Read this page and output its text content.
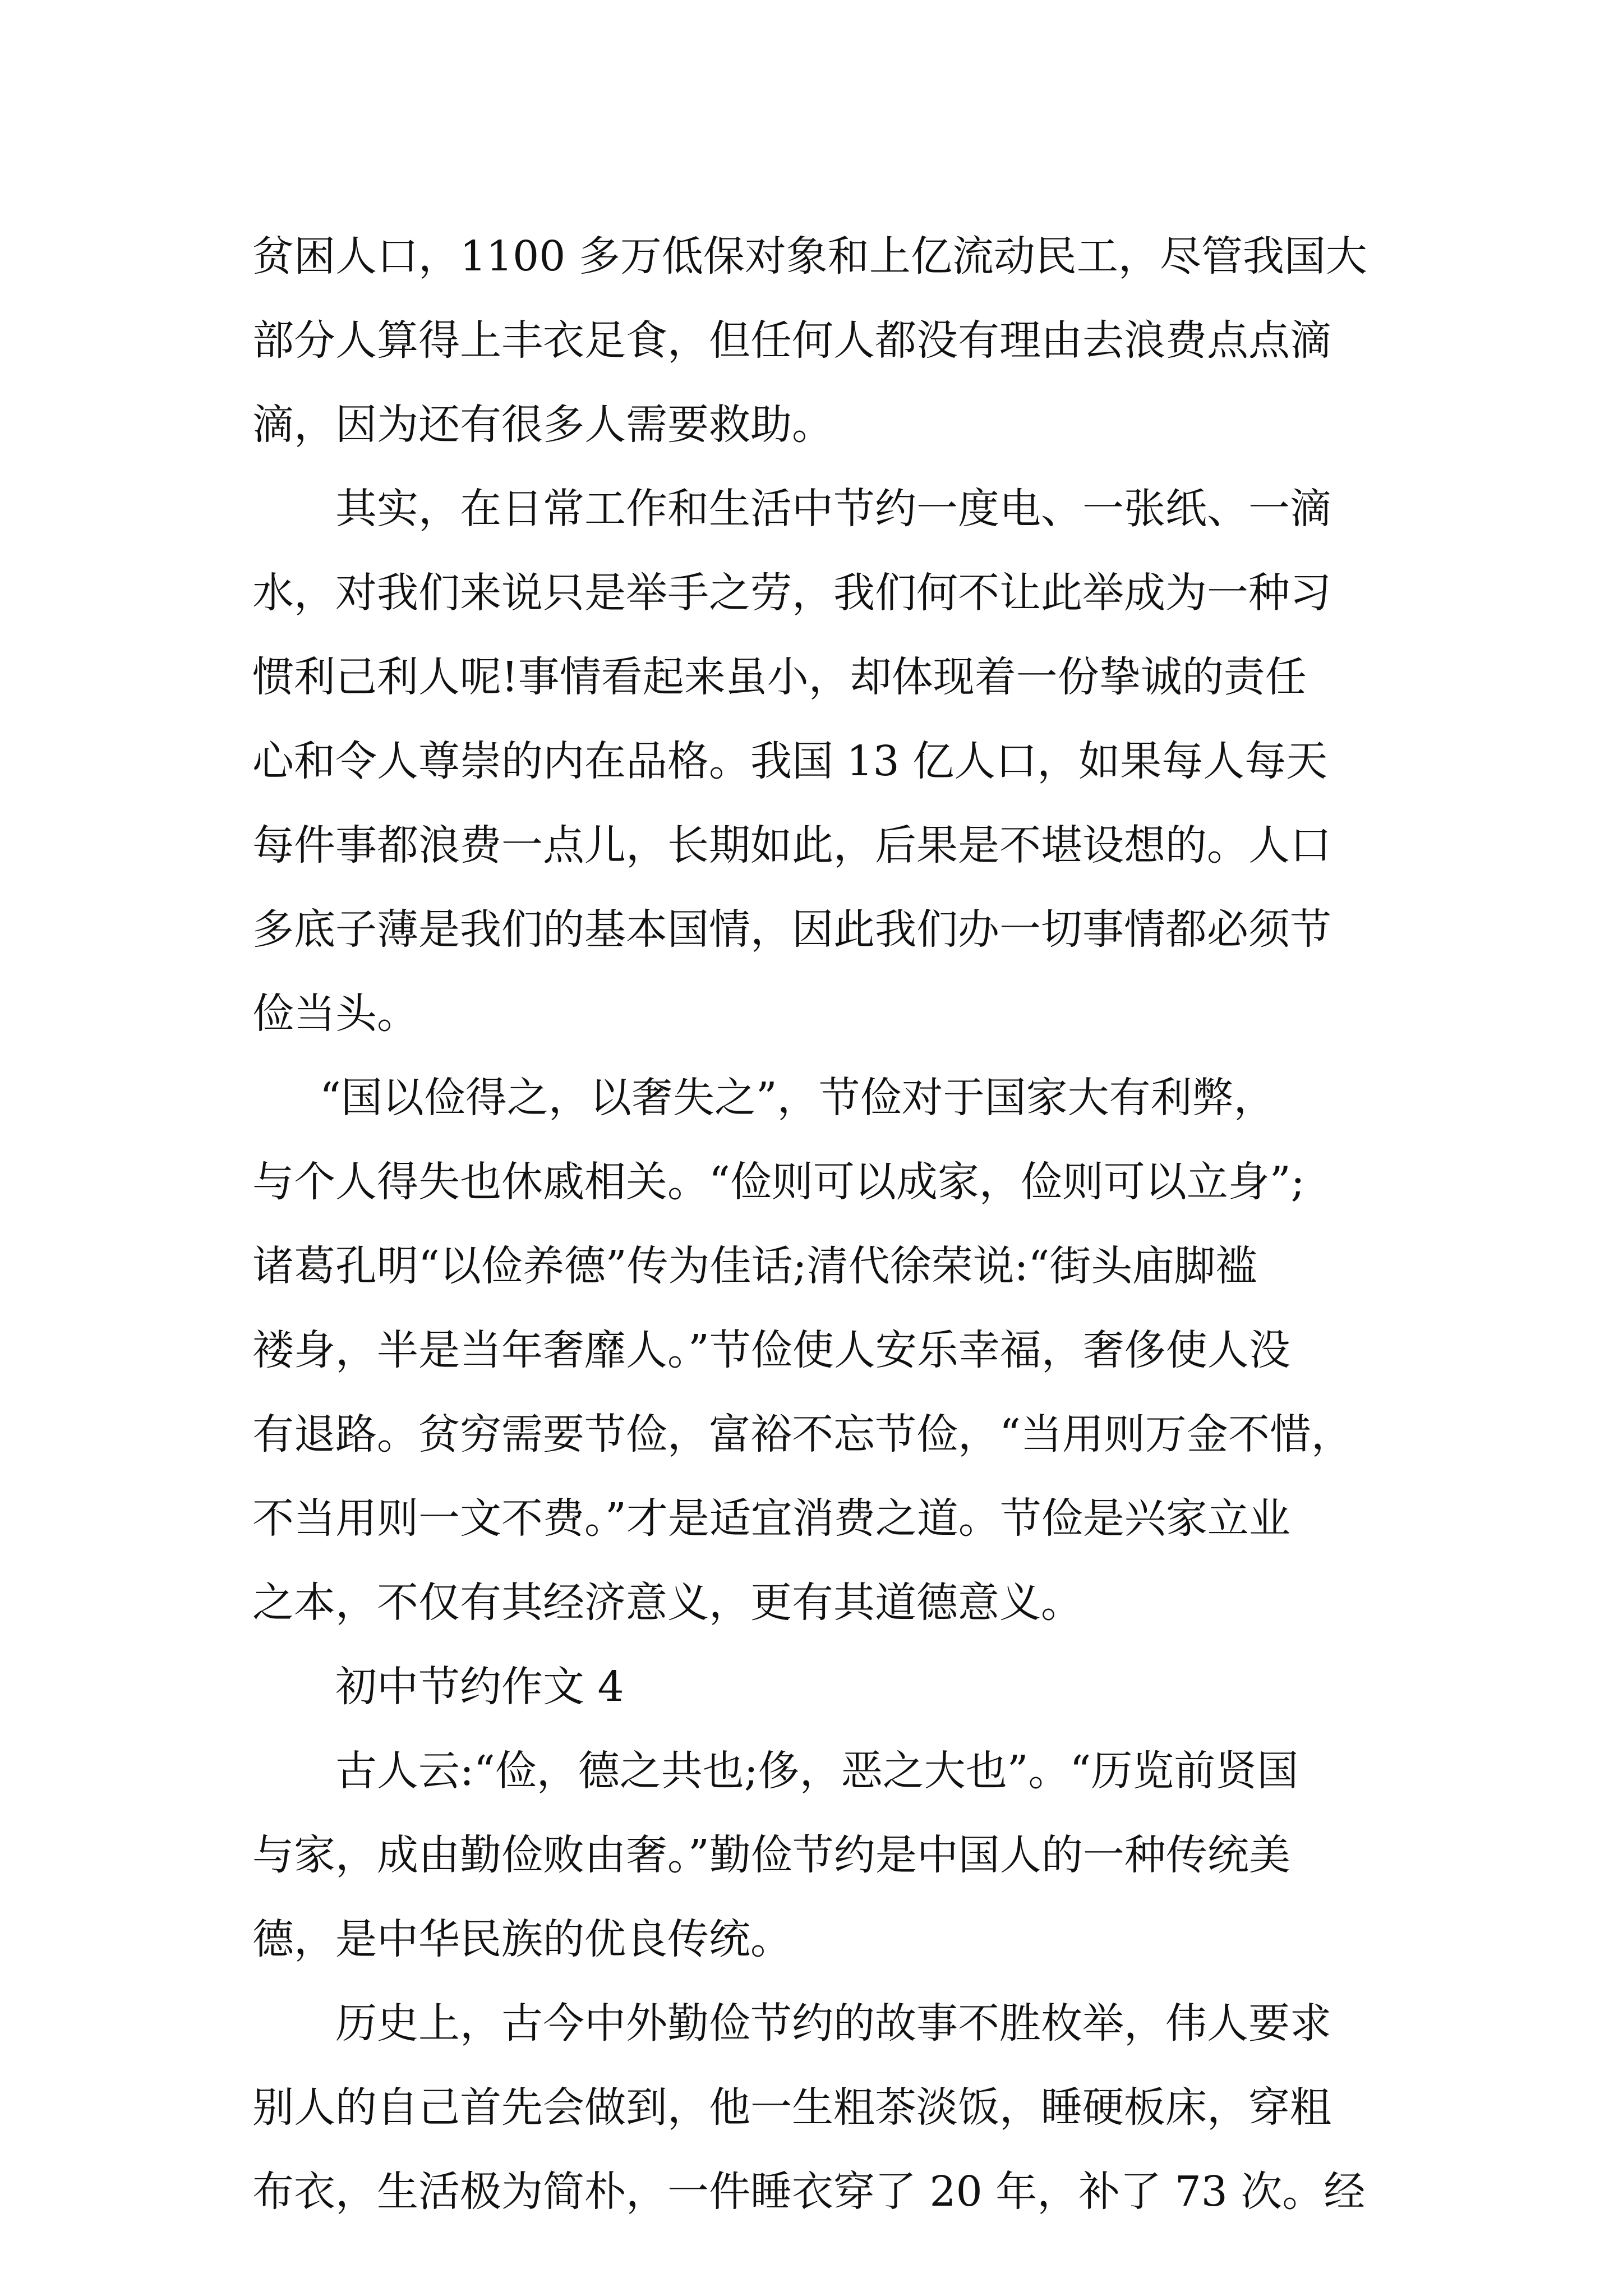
贫困人口，1100 多万低保对象和上亿流动民工，尽管我国大
部分人算得上丰衣足食，但任何人都没有理由去浪费点点滴
滴，因为还有很多人需要救助。
其实，在日常工作和生活中节约一度电、一张纸、一滴
水，对我们来说只是举手之劳，我们何不让此举成为一种习
惯利己利人呢!事情看起来虽小，却体现着一份挚诚的责任
心和令人尊崇的内在品格。我国 13 亿人口，如果每人每天
每件事都浪费一点儿，长期如此，后果是不堪设想的。人口
多底子薄是我们的基本国情，因此我们办一切事情都必须节
俭当头。
“国以俭得之，以奢失之”，节俭对于国家大有利弊，
与个人得失也休戚相关。“俭则可以成家，俭则可以立身”;
诸葛孔明“以俭养德”传为佳话;清代徐荣说:“街头庙脚褴
褛身，半是当年奢靡人。”节俭使人安乐幸福，奢侈使人没
有退路。贫穷需要节俭，富裕不忘节俭，“当用则万金不惜，
不当用则一文不费。”才是适宜消费之道。节俭是兴家立业
之本，不仅有其经济意义，更有其道德意义。
初中节约作文 4
古人云:“俭，德之共也;侈，恶之大也”。“历览前贤国
与家，成由勤俭败由奢。”勤俭节约是中国人的一种传统美
德，是中华民族的优良传统。
历史上，古今中外勤俭节约的故事不胜枚举，伟人要求
别人的自己首先会做到，他一生粗茶淡饭，睡硬板床，穿粗
布衣，生活极为简朴，一件睡衣穿了 20 年，补了 73 次。经
